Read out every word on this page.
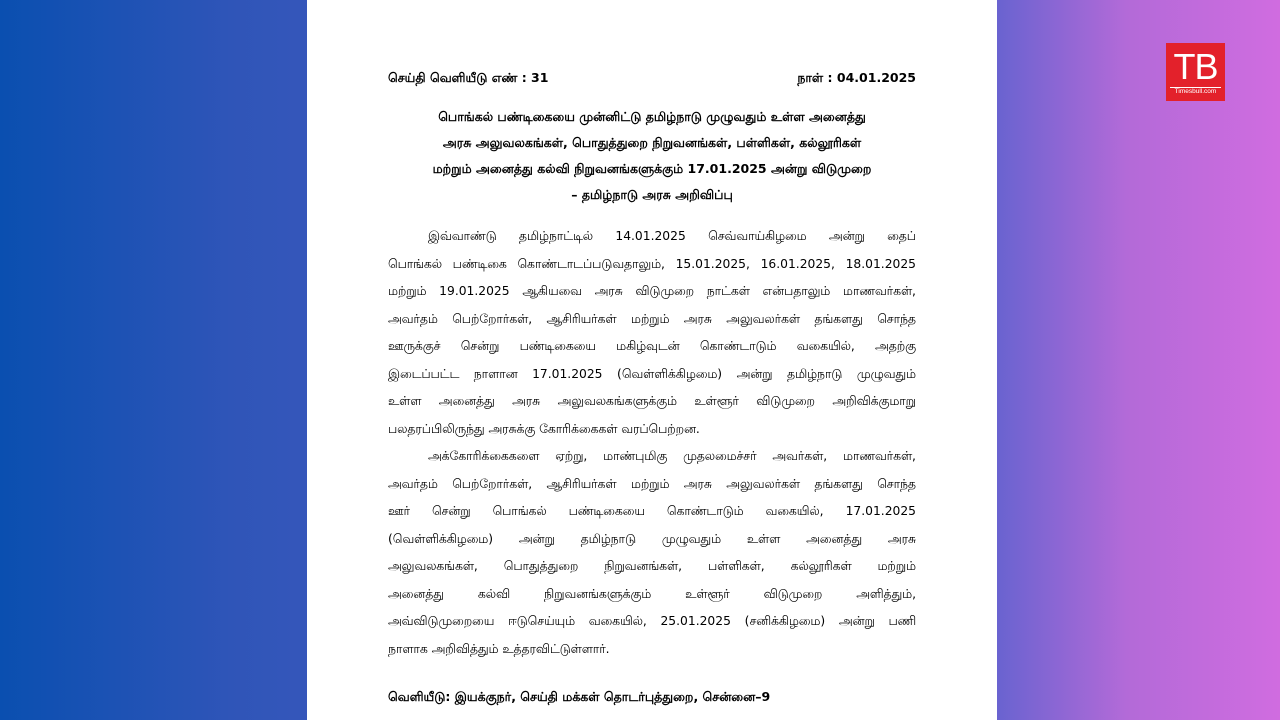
செய்தி வெளியீடு எண் : 31	நாள் : 04.01.2025
பொங்கல் பண்டிகையை முன்னிட்டு தமிழ்நாடு முழுவதும் உள்ள அனைத்து
அரசு அலுவலகங்கள், பொதுத்துறை நிறுவனங்கள், பள்ளிகள், கல்லூரிகள்
மற்றும் அனைத்து கல்வி நிறுவனங்களுக்கும் 17.01.2025 அன்று விடுமுறை
– தமிழ்நாடு அரசு அறிவிப்பு
இவ்வாண்டு தமிழ்நாட்டில் 14.01.2025 செவ்வாய்கிழமை அன்று தைப்
பொங்கல் பண்டிகை கொண்டாடப்படுவதாலும், 15.01.2025, 16.01.2025, 18.01.2025
மற்றும் 19.01.2025 ஆகியவை அரசு விடுமுறை நாட்கள் என்பதாலும் மாணவர்கள்,
அவர்தம் பெற்றோர்கள், ஆசிரியர்கள் மற்றும் அரசு அலுவலர்கள் தங்களது சொந்த
ஊருக்குச் சென்று பண்டிகையை மகிழ்வுடன் கொண்டாடும் வகையில், அதற்கு
இடைப்பட்ட நாளான 17.01.2025 (வெள்ளிக்கிழமை) அன்று தமிழ்நாடு முழுவதும்
உள்ள அனைத்து அரசு அலுவலகங்களுக்கும் உள்ளூர் விடுமுறை அறிவிக்குமாறு
பலதரப்பிலிருந்து அரசுக்கு கோரிக்கைகள் வரப்பெற்றன.
அக்கோரிக்கைகளை ஏற்று, மாண்புமிகு முதலமைச்சர் அவர்கள், மாணவர்கள்,
அவர்தம் பெற்றோர்கள், ஆசிரியர்கள் மற்றும் அரசு அலுவலர்கள் தங்களது சொந்த
ஊர் சென்று பொங்கல் பண்டிகையை கொண்டாடும் வகையில், 17.01.2025
(வெள்ளிக்கிழமை) அன்று தமிழ்நாடு முழுவதும் உள்ள அனைத்து அரசு
அலுவலகங்கள், பொதுத்துறை நிறுவனங்கள், பள்ளிகள், கல்லூரிகள் மற்றும்
அனைத்து	கல்வி	நிறுவனங்களுக்கும்	உள்ளூர்	விடுமுறை	அளித்தும்,
அவ்விடுமுறையை ஈடுசெய்யும் வகையில், 25.01.2025 (சனிக்கிழமை) அன்று பணி
நாளாக அறிவித்தும் உத்தரவிட்டுள்ளார்.
வெளியீடு: இயக்குநர், செய்தி மக்கள் தொடர்புத்துறை, சென்னை–9
TB
Timesbull.com
